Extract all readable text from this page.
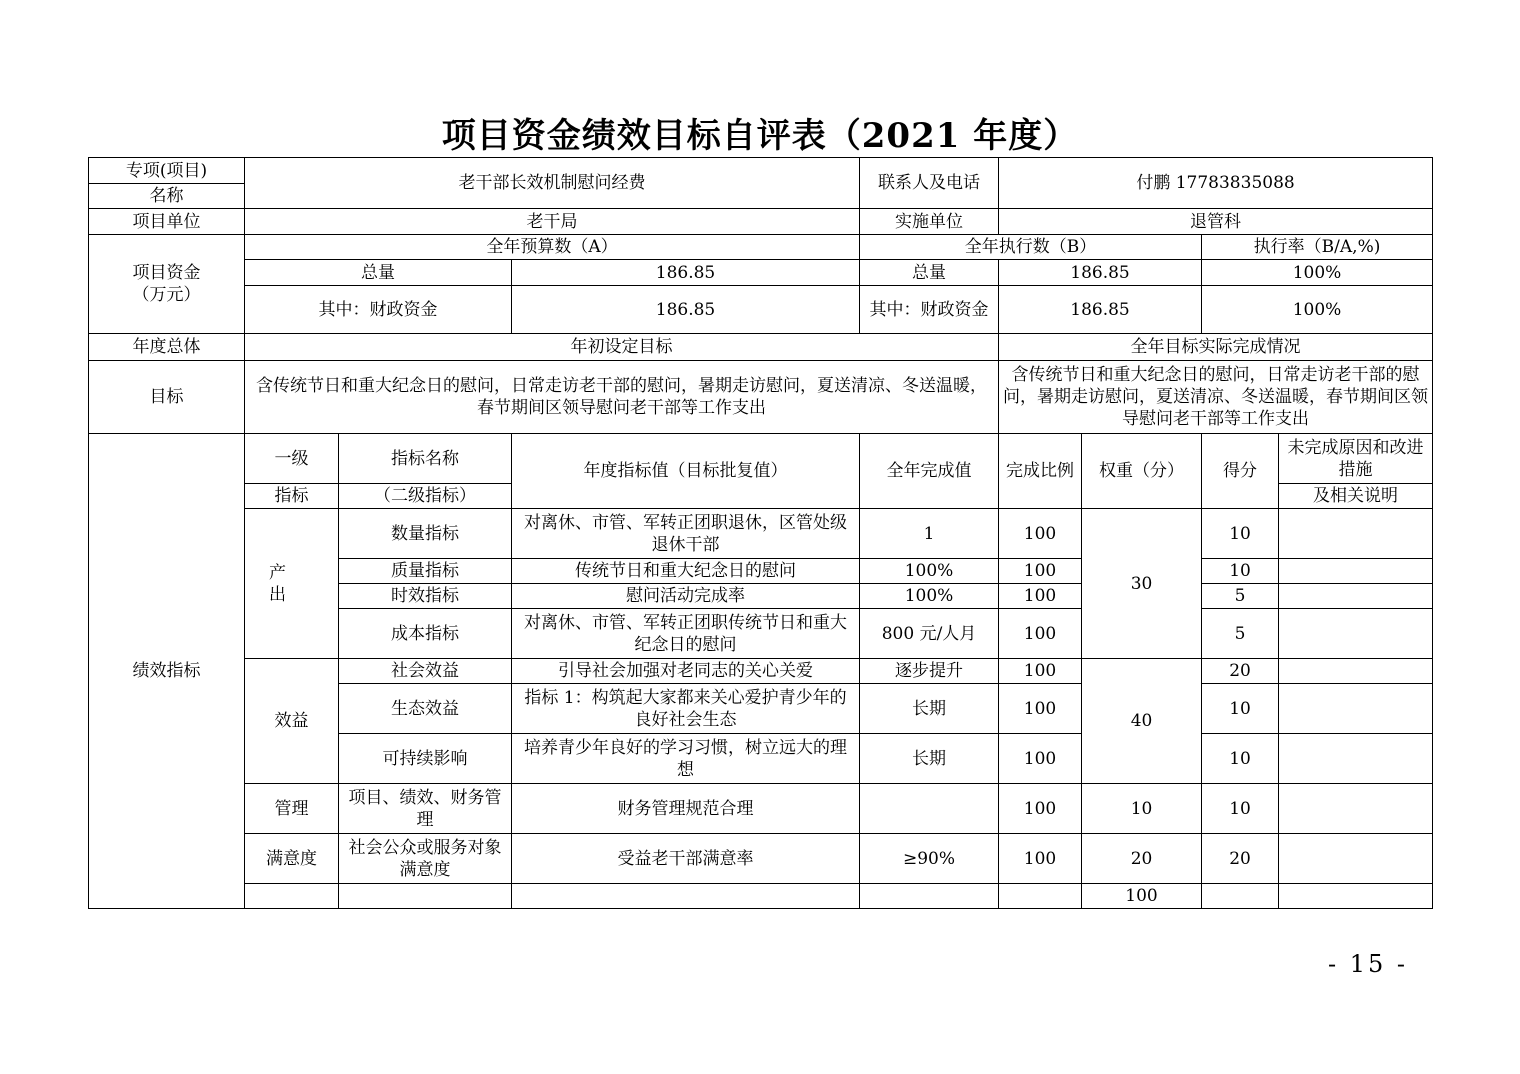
项目资金绩效目标自评表（2021 年度）
专项(项目)	老干部长效机制慰问经费			联系人及电话	付鹏 17783835088			
名称								
项目单位	老干局			实施单位	退管科			
项目资金
（万元）	全年预算数（A）			全年执行数（B）			执行率（B/A,%)	
	总量		186.85	总量	186.85		100%	
	其中：财政资金		186.85	其中：财政资金	186.85		100%	
年度总体	年初设定目标				全年目标实际完成情况			
目标	含传统节日和重大纪念日的慰问，日常走访老干部的慰问，暑期走访慰问，夏送清凉、冬送温暖，春节期间区领导慰问老干部等工作支出				含传统节日和重大纪念日的慰问，日常走访老干部的慰问，暑期走访慰问，夏送清凉、冬送温暖，春节期间区领导慰问老干部等工作支出			
绩效指标	一级	指标名称	年度指标值（目标批复值）	全年完成值	完成比例	权重（分）	得分	未完成原因和改进措施
	指标	（二级指标）						及相关说明
	产出	数量指标	对离休、市管、军转正团职退休，区管处级退休干部	1	100	30	10	
		质量指标	传统节日和重大纪念日的慰问	100%	100		10	
		时效指标	慰问活动完成率	100%	100		5	
		成本指标	对离休、市管、军转正团职传统节日和重大纪念日的慰问	800 元/人月	100		5	
	效益	社会效益	引导社会加强对老同志的关心关爱	逐步提升	100	40	20	
		生态效益	指标 1：构筑起大家都来关心爱护青少年的良好社会生态	长期	100		10	
		可持续影响	培养青少年良好的学习习惯，树立远大的理想	长期	100		10	
	管理	项目、绩效、财务管理	财务管理规范合理		100	10	10	
	满意度	社会公众或服务对象满意度	受益老干部满意率	≥90%	100	20	20	
						100		
- 15 -
